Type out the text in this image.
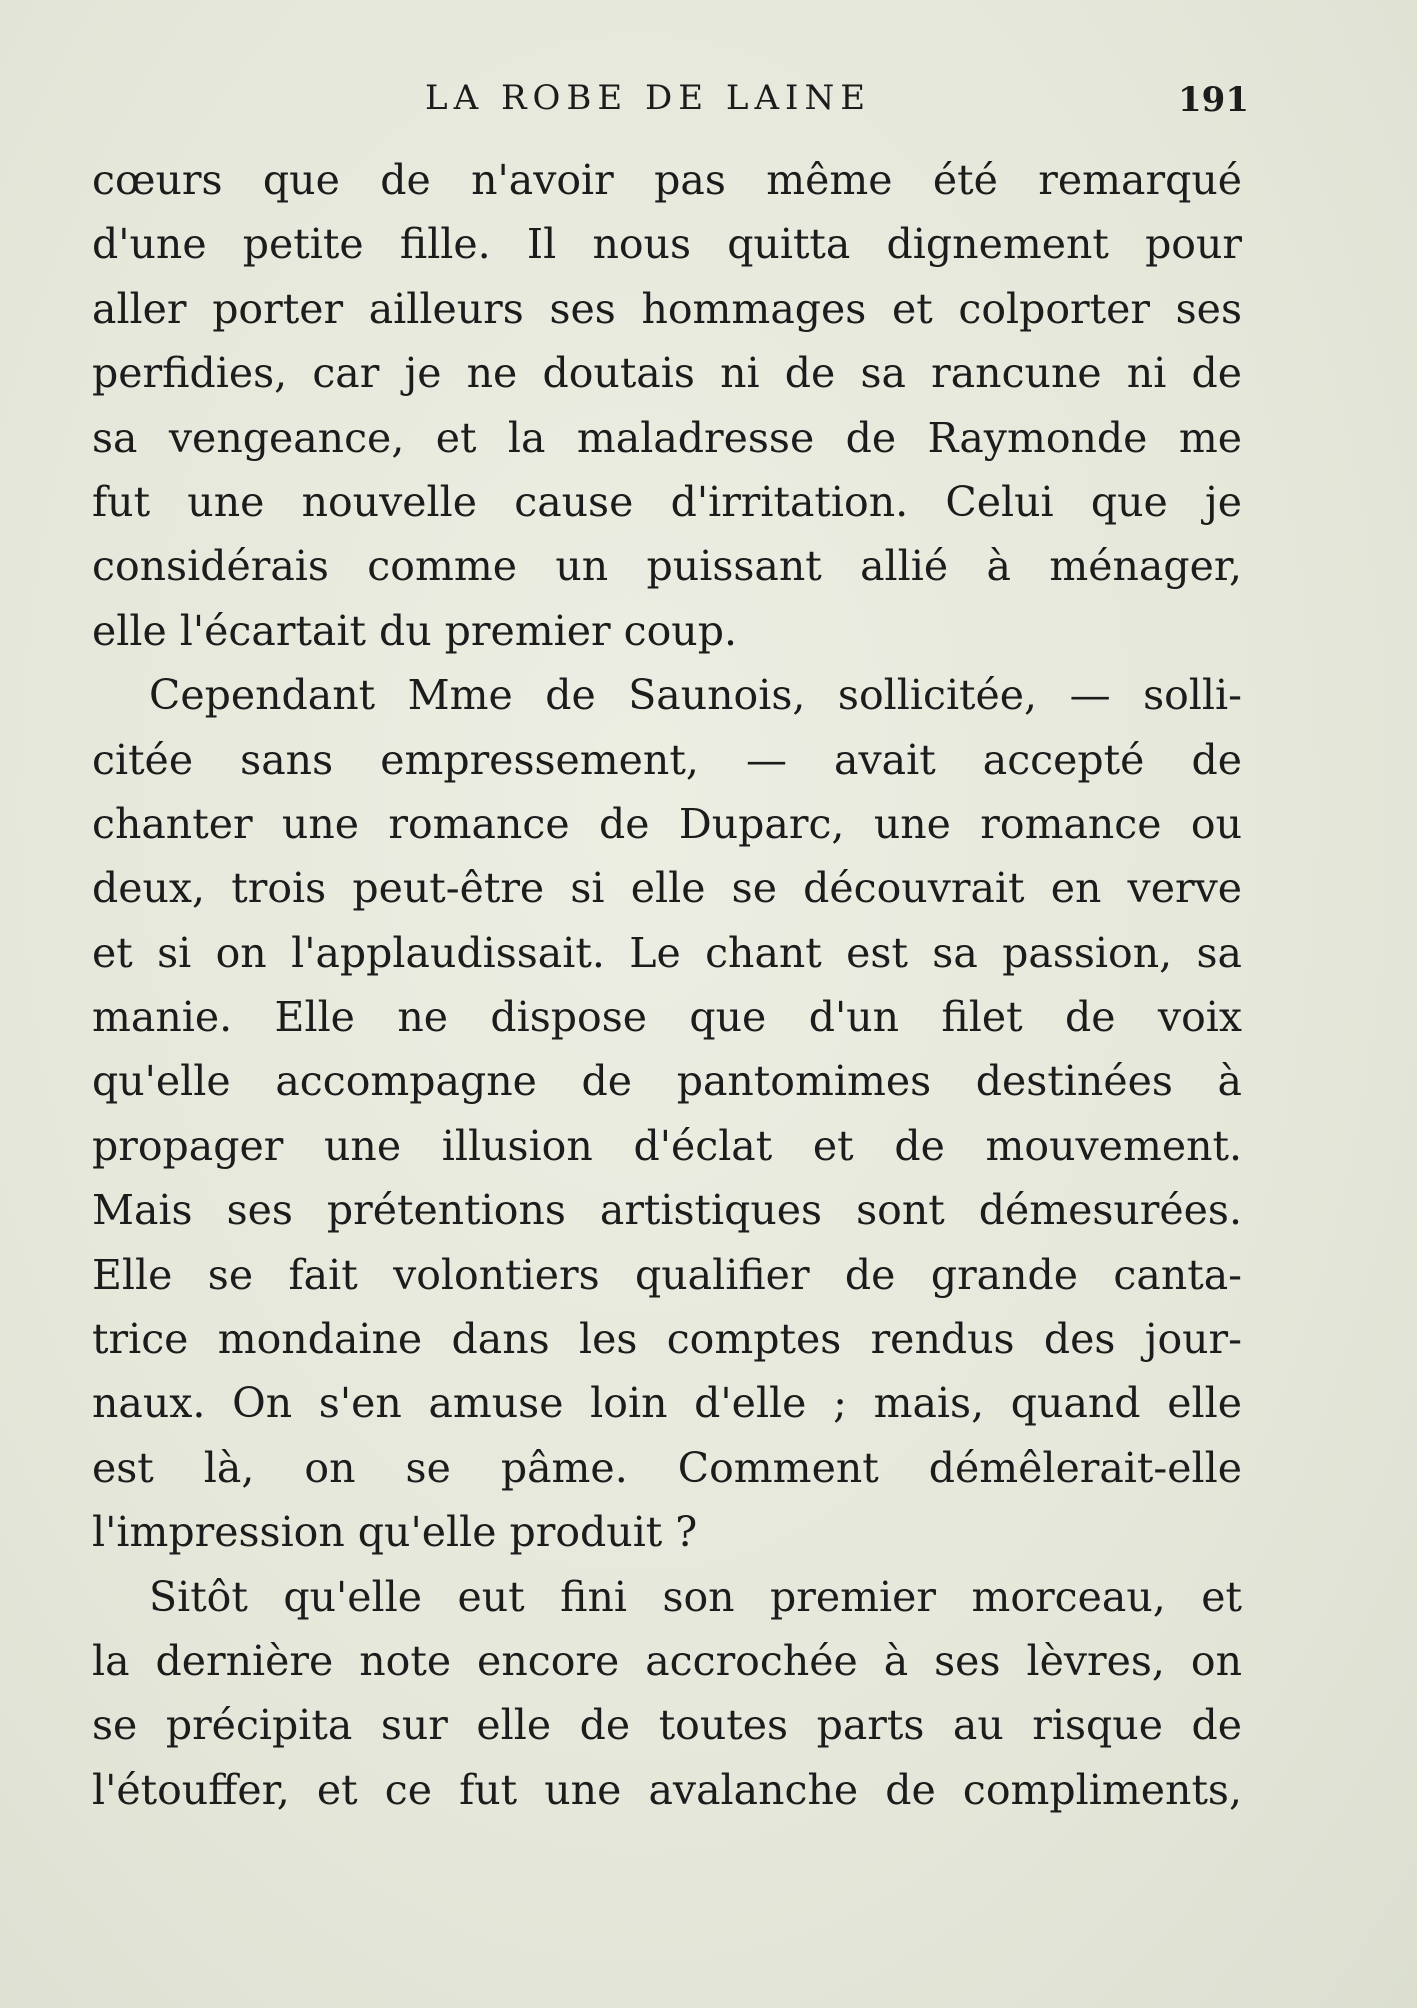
LA ROBE DE LAINE	191
cœurs que de n'avoir pas même été remarqué
d'une petite fille. Il nous quitta dignement pour
aller porter ailleurs ses hommages et colporter ses
perfidies, car je ne doutais ni de sa rancune ni de
sa vengeance, et la maladresse de Raymonde me
fut une nouvelle cause d'irritation. Celui que je
considérais comme un puissant allié à ménager,
elle l'écartait du premier coup.
Cependant Mme de Saunois, sollicitée, — solli-
citée sans empressement, — avait accepté de
chanter une romance de Duparc, une romance ou
deux, trois peut-être si elle se découvrait en verve
et si on l'applaudissait. Le chant est sa passion, sa
manie. Elle ne dispose que d'un filet de voix
qu'elle accompagne de pantomimes destinées à
propager une illusion d'éclat et de mouvement.
Mais ses prétentions artistiques sont démesurées.
Elle se fait volontiers qualifier de grande canta-
trice mondaine dans les comptes rendus des jour-
naux. On s'en amuse loin d'elle ; mais, quand elle
est là, on se pâme. Comment démêlerait-elle
l'impression qu'elle produit ?
Sitôt qu'elle eut fini son premier morceau, et
la dernière note encore accrochée à ses lèvres, on
se précipita sur elle de toutes parts au risque de
l'étouffer, et ce fut une avalanche de compliments,
